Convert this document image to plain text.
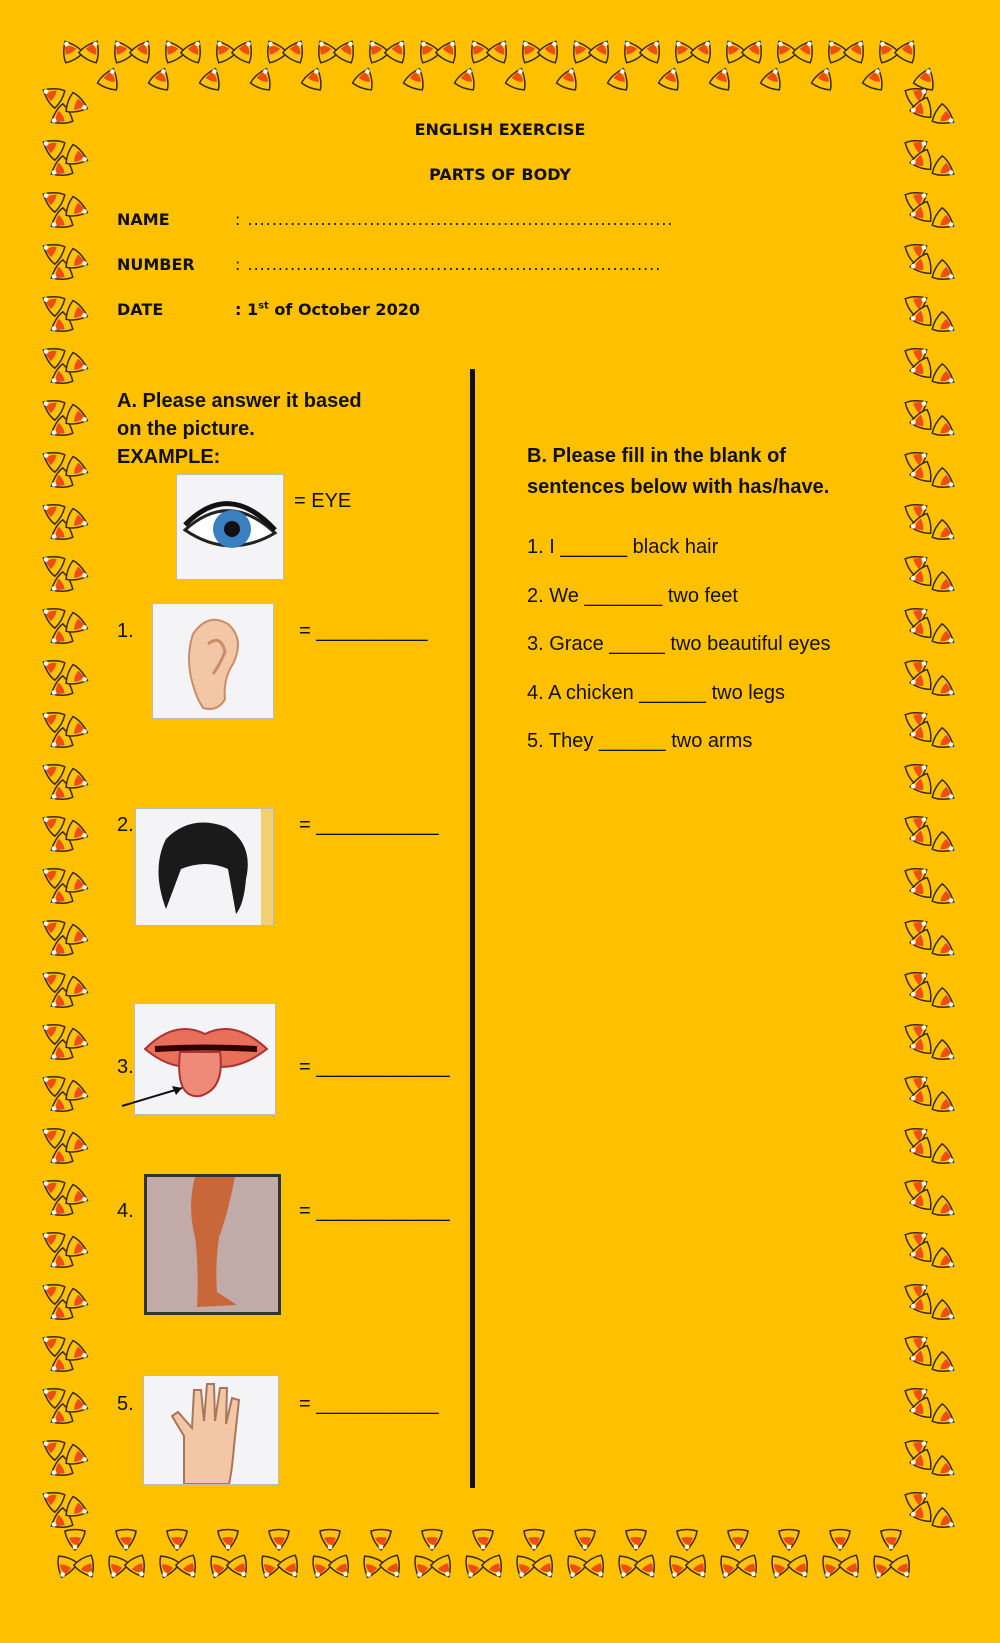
ENGLISH EXERCISE
PARTS OF BODY
NAME	: ......................................................................
NUMBER	: ....................................................................
DATE	: 1st of October 2020
A. Please answer it based
on the picture.
EXAMPLE:
= EYE
1.	= __________
2.	= ___________
3.	= ____________
4.	= ____________
5.	= ___________
B. Please fill in the blank of
sentences below with has/have.
1. I ______ black hair
2. We _______ two feet
3. Grace _____ two beautiful eyes
4. A chicken ______ two legs
5. They ______ two arms
